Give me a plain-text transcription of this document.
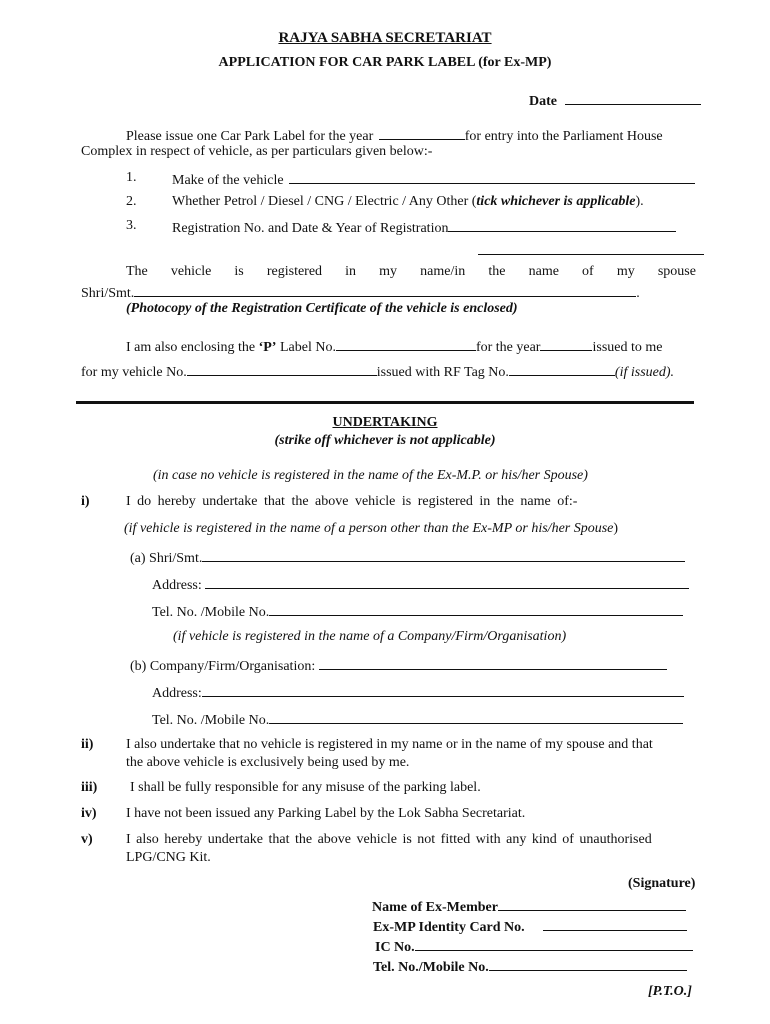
RAJYA SABHA SECRETARIAT
APPLICATION FOR CAR PARK LABEL (for Ex-MP)
Date
Please issue one Car Park Label for the year	for entry into the Parliament House
Complex in respect of vehicle, as per particulars given below:-
1.	Make of the vehicle
2.	Whether Petrol / Diesel / CNG / Electric / Any Other (tick whichever is applicable).
3.	Registration No. and Date & Year of Registration
The vehicle is registered in my name/in the name of my spouse
Shri/Smt.	.
(Photocopy of the Registration Certificate of the vehicle is enclosed)
I am also enclosing the ‘P’ Label No.	for the year	issued to me
for my vehicle No.	issued with RF Tag No.	(if issued).
UNDERTAKING
(strike off whichever is not applicable)
(in case no vehicle is registered in the name of the Ex-M.P. or his/her Spouse)
i)	I do hereby undertake that the above vehicle is registered in the name of:-
(if vehicle is registered in the name of a person other than the Ex-MP or his/her Spouse)
(a) Shri/Smt.
Address:
Tel. No. /Mobile No.
(if vehicle is registered in the name of a Company/Firm/Organisation)
(b) Company/Firm/Organisation:
Address:
Tel. No. /Mobile No.
ii) I also undertake that no vehicle is registered in my name or in the name of my spouse and that
the above vehicle is exclusively being used by me.
iii) I shall be fully responsible for any misuse of the parking label.
iv) I have not been issued any Parking Label by the Lok Sabha Secretariat.
v) I also hereby undertake that the above vehicle is not fitted with any kind of unauthorised
LPG/CNG Kit.
(Signature)
Name of Ex-Member
Ex-MP Identity Card No.
IC No.
Tel. No./Mobile No.
[P.T.O.]
